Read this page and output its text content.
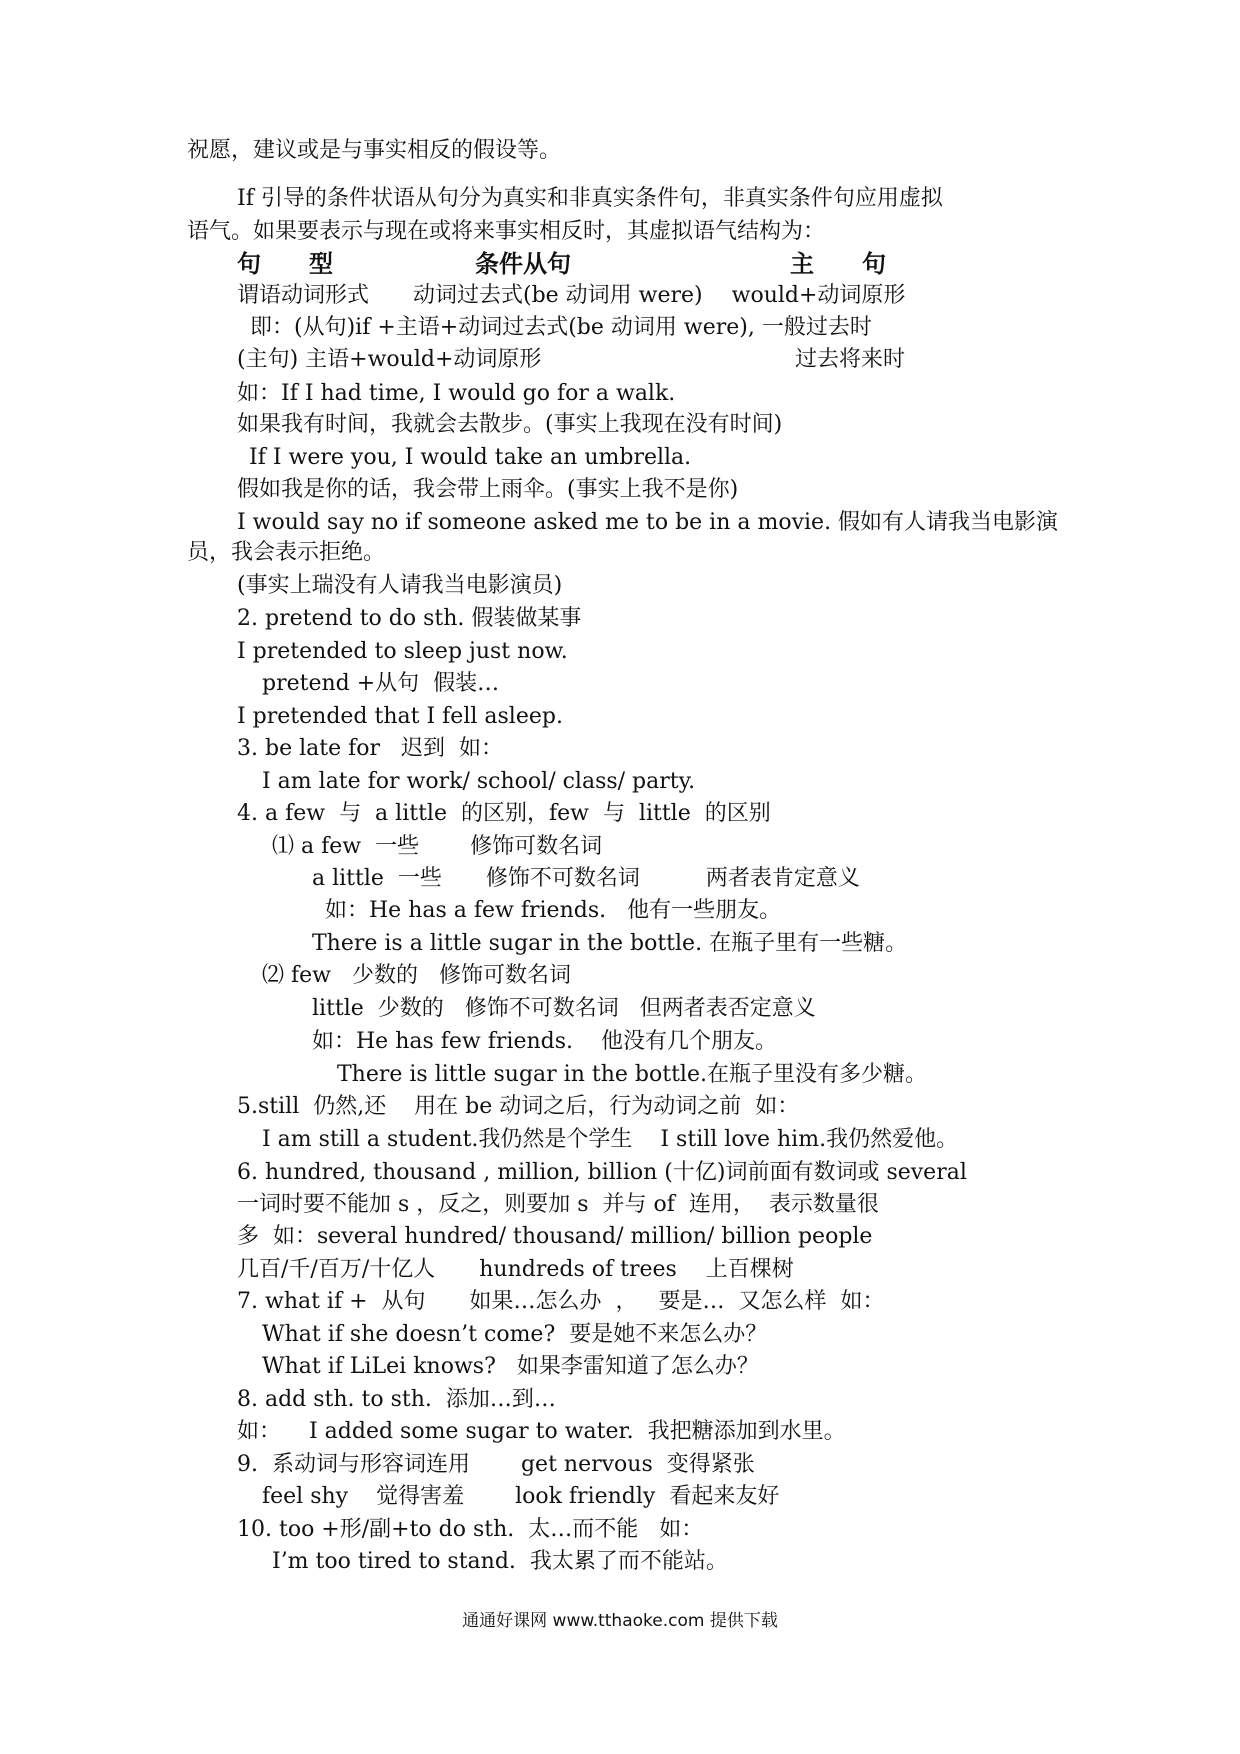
祝愿，建议或是与事实相反的假设等。
If 引导的条件状语从句分为真实和非真实条件句，非真实条件句应用虚拟
语气。如果要表示与现在或将来事实相反时，其虚拟语气结构为：
句　　型	条件从句	主　　句
谓语动词形式　　动词过去式(be 动词用 were)　 would+动词原形
即：(从句)if +主语+动词过去式(be 动词用 were), 一般过去时
(主句) 主语+would+动词原形	过去将来时
如：If I had time, I would go for a walk.
如果我有时间，我就会去散步。(事实上我现在没有时间)
If I were you, I would take an umbrella.
假如我是你的话，我会带上雨伞。(事实上我不是你)
I would say no if someone asked me to be in a movie. 假如有人请我当电影演
员，我会表示拒绝。
(事实上瑞没有人请我当电影演员)
2. pretend to do sth. 假装做某事
I pretended to sleep just now.
pretend +从句  假装…
I pretended that I fell asleep.
3. be late for   迟到  如：
I am late for work/ school/ class/ party.
4. a few  与  a little  的区别，few  与  little  的区别
⑴ a few  一些　　 修饰可数名词
a little  一些　　修饰不可数名词　　　两者表肯定意义
如：He has a few friends.   他有一些朋友。
There is a little sugar in the bottle. 在瓶子里有一些糖。
⑵ few   少数的   修饰可数名词
little  少数的   修饰不可数名词   但两者表否定意义
如：He has few friends.    他没有几个朋友。
There is little sugar in the bottle.在瓶子里没有多少糖。
5.still  仍然,还    用在 be 动词之后，行为动词之前  如：
I am still a student.我仍然是个学生    I still love him.我仍然爱他。
6. hundred, thousand , million, billion (十亿)词前面有数词或 several
一词时要不能加 s ，反之，则要加 s  并与 of  连用，  表示数量很
多  如：several hundred/ thousand/ million/ billion people
几百/千/百万/十亿人　　hundreds of trees　 上百棵树
7. what if +  从句　　如果…怎么办  ，   要是…  又怎么样  如：
What if she doesn’t come?  要是她不来怎么办？
What if LiLei knows?   如果李雷知道了怎么办？
8. add sth. to sth.  添加…到…
如：    I added some sugar to water.  我把糖添加到水里。
9.  系动词与形容词连用　　 get nervous  变得紧张
feel shy    觉得害羞　　 look friendly  看起来友好
10. too +形/副+to do sth.  太…而不能   如：
I’m too tired to stand.  我太累了而不能站。
通通好课网 www.tthaoke.com 提供下载
